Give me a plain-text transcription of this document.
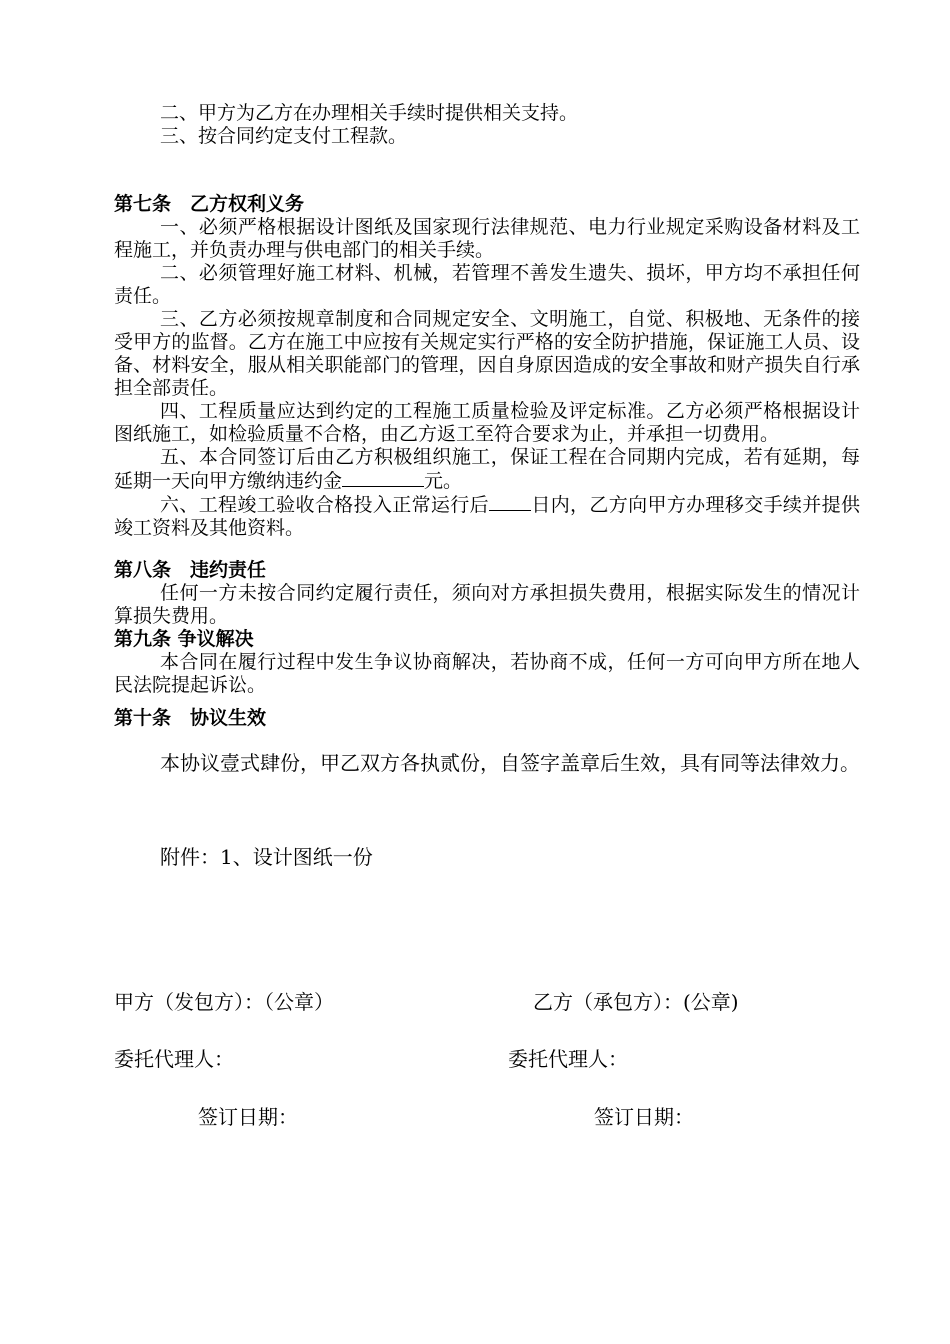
二、甲方为乙方在办理相关手续时提供相关支持。

三、按合同约定支付工程款。

第七条　乙方权利义务

一、必须严格根据设计图纸及国家现行法律规范、电力行业规定采购设备材料及工程施工，并负责办理与供电部门的相关手续。

二、必须管理好施工材料、机械，若管理不善发生遗失、损坏，甲方均不承担任何责任。

三、乙方必须按规章制度和合同规定安全、文明施工，自觉、积极地、无条件的接受甲方的监督。乙方在施工中应按有关规定实行严格的安全防护措施，保证施工人员、设备、材料安全，服从相关职能部门的管理，因自身原因造成的安全事故和财产损失自行承担全部责任。

四、工程质量应达到约定的工程施工质量检验及评定标准。乙方必须严格根据设计图纸施工，如检验质量不合格，由乙方返工至符合要求为止，并承担一切费用。

五、本合同签订后由乙方积极组织施工，保证工程在合同期内完成，若有延期，每延期一天向甲方缴纳违约金	元。

六、工程竣工验收合格投入正常运行后 日内，乙方向甲方办理移交手续并提供竣工资料及其他资料。

第八条　违约责任

任何一方未按合同约定履行责任，须向对方承担损失费用，根据实际发生的情况计算损失费用。

第九条 争议解决

本合同在履行过程中发生争议协商解决，若协商不成，任何一方可向甲方所在地人民法院提起诉讼。

第十条　协议生效

本协议壹式肆份，甲乙双方各执贰份，自签字盖章后生效，具有同等法律效力。

附件：1、设计图纸一份
甲方（发包方）：（公章）	乙方（承包方）：(公章)
委托代理人：	委托代理人：
签订日期：	签订日期：
